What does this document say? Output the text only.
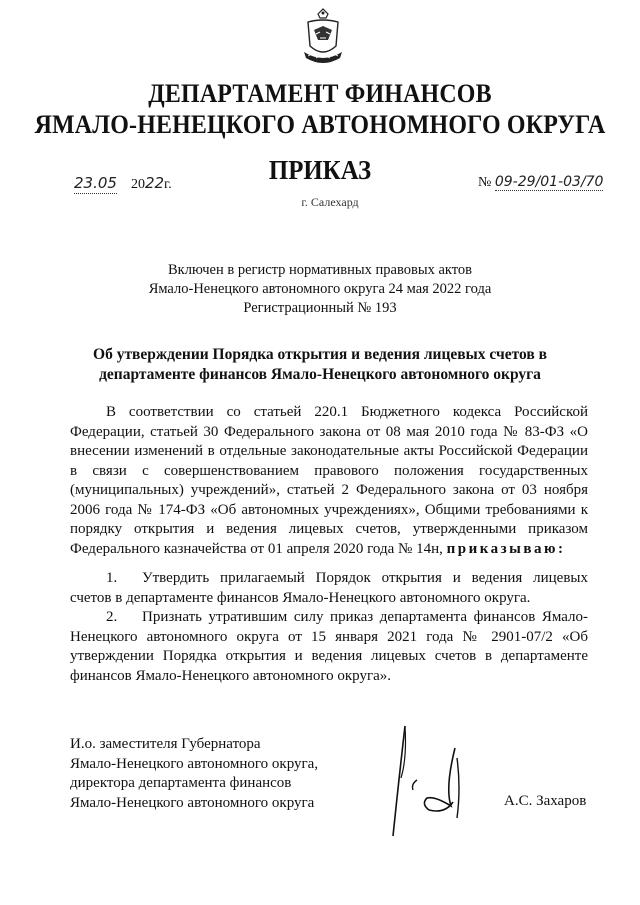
ДЕПАРТАМЕНТ ФИНАНСОВ
ЯМАЛО-НЕНЕЦКОГО АВТОНОМНОГО ОКРУГА
ПРИКАЗ
23.05 2022г.	№ 09-29/01-03/70
г. Салехард
Включен в регистр нормативных правовых актов
Ямало-Ненецкого автономного округа 24 мая 2022 года
Регистрационный № 193
Об утверждении Порядка открытия и ведения лицевых счетов в
департаменте финансов Ямало-Ненецкого автономного округа
В соответствии со статьей 220.1 Бюджетного кодекса Российской Федерации, статьей 30 Федерального закона от 08 мая 2010 года № 83-ФЗ «О внесении изменений в отдельные законодательные акты Российской Федерации в связи с совершенствованием правового положения государственных (муниципальных) учреждений», статьей 2 Федерального закона от 03 ноября 2006 года № 174-ФЗ «Об автономных учреждениях», Общими требованиями к порядку открытия и ведения лицевых счетов, утвержденными приказом Федерального казначейства от 01 апреля 2020 года № 14н, приказываю:

1. Утвердить прилагаемый Порядок открытия и ведения лицевых счетов в департаменте финансов Ямало-Ненецкого автономного округа.

2. Признать утратившим силу приказ департамента финансов Ямало-Ненецкого автономного округа от 15 января 2021 года № 2901-07/2 «Об утверждении Порядка открытия и ведения лицевых счетов в департаменте финансов Ямало-Ненецкого автономного округа».

И.о. заместителя Губернатора
Ямало-Ненецкого автономного округа,
директора департамента финансов
Ямало-Ненецкого автономного округа	А.С. Захаров
